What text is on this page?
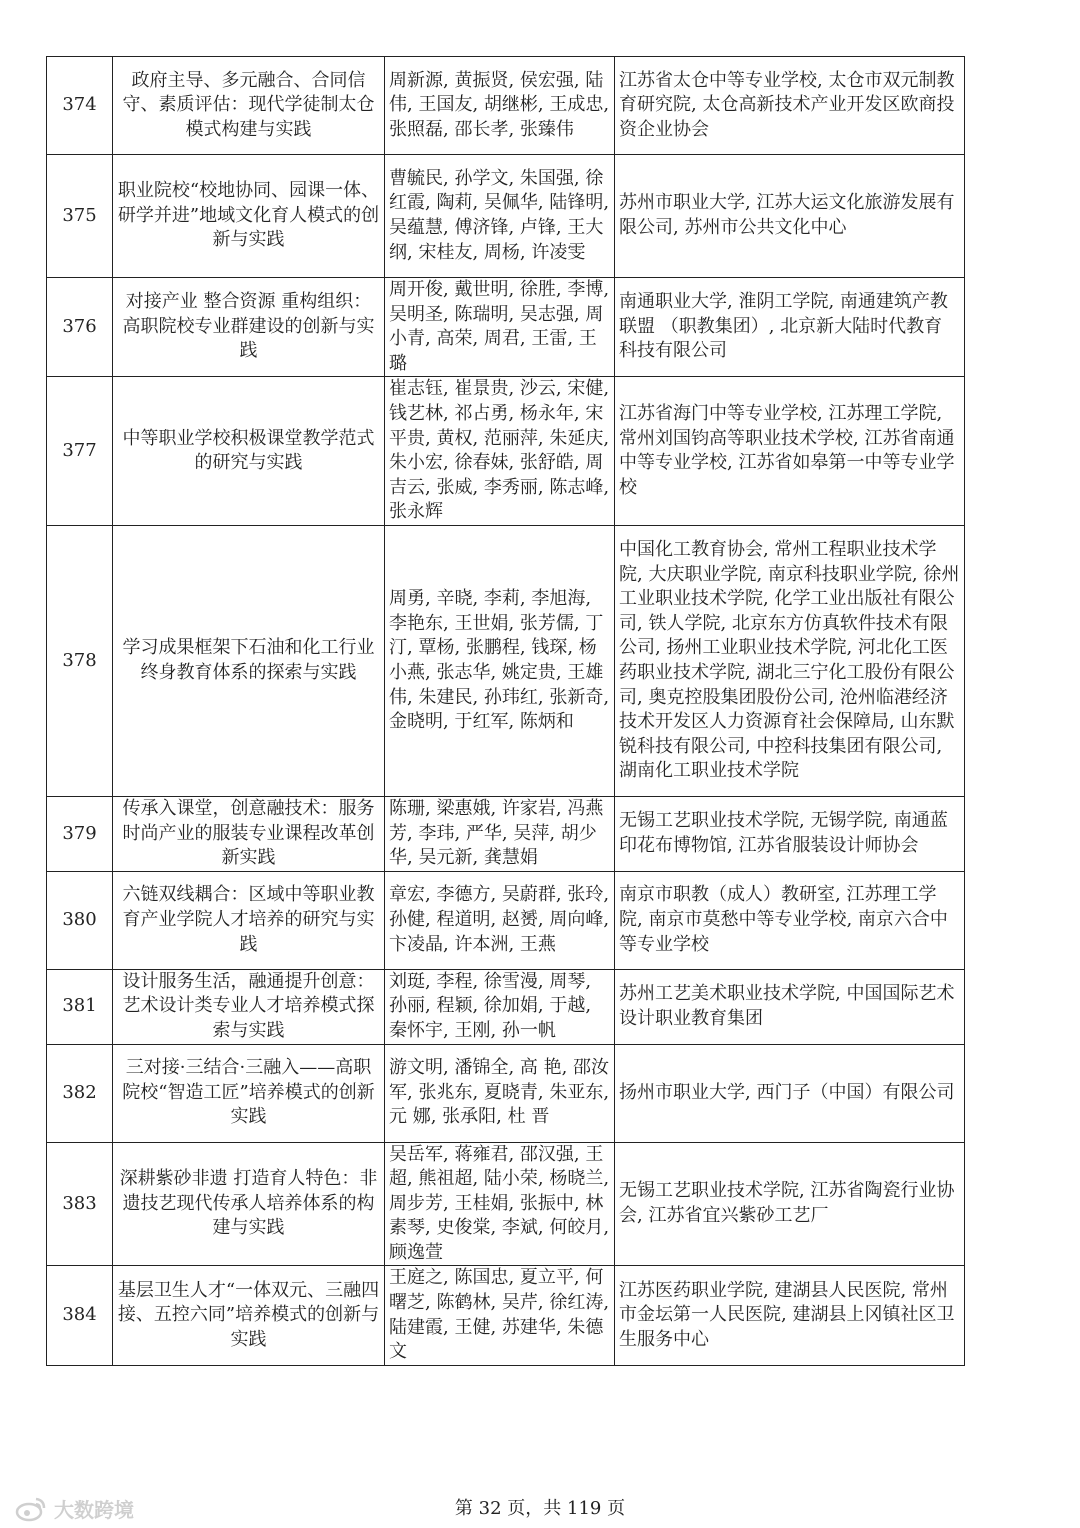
374	政府主导、多元融合、合同信守、素质评估：现代学徒制太仓模式构建与实践	周新源, 黄振贤, 侯宏强, 陆伟, 王国友, 胡继彬, 王成忠, 张照磊, 邵长孝, 张臻伟	江苏省太仓中等专业学校, 太仓市双元制教育研究院, 太仓高新技术产业开发区欧商投资企业协会
375	职业院校“校地协同、园课一体、研学并进”地域文化育人模式的创新与实践	曹毓民, 孙学文, 朱国强, 徐红霞, 陶莉, 吴佩华, 陆锋明, 吴蕴慧, 傅济锋, 卢锋, 王大纲, 宋桂友, 周杨, 许凌雯	苏州市职业大学, 江苏大运文化旅游发展有限公司, 苏州市公共文化中心
376	对接产业 整合资源 重构组织：高职院校专业群建设的创新与实践	周开俊, 戴世明, 徐胜, 李博, 吴明圣, 陈瑞明, 吴志强, 周小青, 高荣, 周君, 王雷, 王璐	南通职业大学, 淮阴工学院, 南通建筑产教联盟 （职教集团）, 北京新大陆时代教育科技有限公司
377	中等职业学校积极课堂教学范式的研究与实践	崔志钰, 崔景贵, 沙云, 宋健, 钱艺林, 祁占勇, 杨永年, 宋平贵, 黄权, 范丽萍, 朱延庆, 朱小宏, 徐春妹, 张舒皓, 周吉云, 张威, 李秀丽, 陈志峰, 张永辉	江苏省海门中等专业学校, 江苏理工学院, 常州刘国钧高等职业技术学校, 江苏省南通中等专业学校, 江苏省如皋第一中等专业学校
378	学习成果框架下石油和化工行业终身教育体系的探索与实践	周勇, 辛晓, 李莉, 李旭海, 李艳东, 王世娟, 张芳儒, 丁汀, 覃杨, 张鹏程, 钱琛, 杨小燕, 张志华, 姚定贵, 王雄伟, 朱建民, 孙玮红, 张新奇, 金晓明, 于红军, 陈炳和	中国化工教育协会, 常州工程职业技术学院, 大庆职业学院, 南京科技职业学院, 徐州工业职业技术学院, 化学工业出版社有限公司, 铁人学院, 北京东方仿真软件技术有限公司, 扬州工业职业技术学院, 河北化工医药职业技术学院, 湖北三宁化工股份有限公司, 奥克控股集团股份公司, 沧州临港经济技术开发区人力资源育社会保障局, 山东默锐科技有限公司, 中控科技集团有限公司, 湖南化工职业技术学院
379	传承入课堂，创意融技术：服务时尚产业的服装专业课程改革创新实践	陈珊, 梁惠娥, 许家岩, 冯燕芳, 李玮, 严华, 吴萍, 胡少华, 吴元新, 龚慧娟	无锡工艺职业技术学院, 无锡学院, 南通蓝印花布博物馆, 江苏省服装设计师协会
380	六链双线耦合：区域中等职业教育产业学院人才培养的研究与实践	章宏, 李德方, 吴蔚群, 张玲, 孙健, 程道明, 赵赟, 周向峰, 卞凌晶, 许本洲, 王燕	南京市职教（成人）教研室, 江苏理工学院, 南京市莫愁中等专业学校, 南京六合中等专业学校
381	设计服务生活，融通提升创意：艺术设计类专业人才培养模式探索与实践	刘珽, 李程, 徐雪漫, 周琴, 孙丽, 程颖, 徐加娟, 于越, 秦怀宇, 王刚, 孙一帆	苏州工艺美术职业技术学院, 中国国际艺术设计职业教育集团
382	三对接·三结合·三融入——高职院校“智造工匠”培养模式的创新实践	游文明, 潘锦全, 高 艳, 邵汝军, 张兆东, 夏晓青, 朱亚东, 元 娜, 张承阳, 杜 晋	扬州市职业大学, 西门子（中国）有限公司
383	深耕紫砂非遗 打造育人特色：非遗技艺现代传承人培养体系的构建与实践	吴岳军, 蒋雍君, 邵汉强, 王超, 熊祖超, 陆小荣, 杨晓兰, 周步芳, 王桂娟, 张振中, 林素琴, 史俊棠, 李斌, 何皎月, 顾逸萱	无锡工艺职业技术学院, 江苏省陶瓷行业协会, 江苏省宜兴紫砂工艺厂
384	基层卫生人才“一体双元、三融四接、五控六同”培养模式的创新与实践	王庭之, 陈国忠, 夏立平, 何曙芝, 陈鹤林, 吴芹, 徐红涛, 陆建霞, 王健, 苏建华, 朱德文	江苏医药职业学院, 建湖县人民医院, 常州市金坛第一人民医院, 建湖县上冈镇社区卫生服务中心
大数跨境	第 32 页，共 119 页
